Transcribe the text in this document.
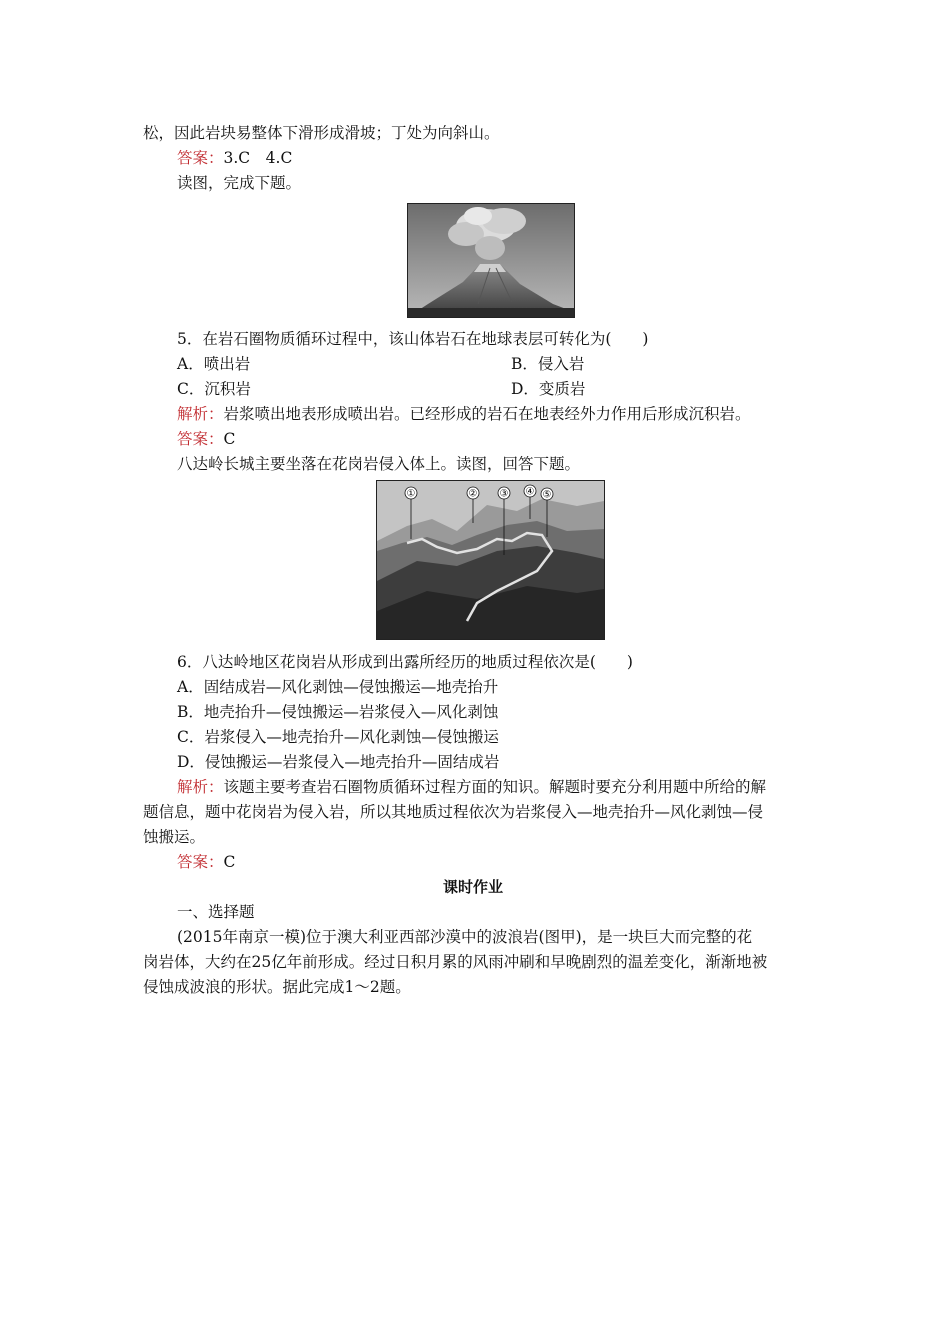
松，因此岩块易整体下滑形成滑坡；丁处为向斜山。
答案：3.C　4.C
读图，完成下题。
5．在岩石圈物质循环过程中，该山体岩石在地球表层可转化为(　　)
A．喷出岩	B．侵入岩
C．沉积岩	D．变质岩
解析：岩浆喷出地表形成喷出岩。已经形成的岩石在地表经外力作用后形成沉积岩。
答案：C
八达岭长城主要坐落在花岗岩侵入体上。读图，回答下题。
①	② ③ ④ ⑤
6．八达岭地区花岗岩从形成到出露所经历的地质过程依次是(　　)
A．固结成岩—风化剥蚀—侵蚀搬运—地壳抬升
B．地壳抬升—侵蚀搬运—岩浆侵入—风化剥蚀
C．岩浆侵入—地壳抬升—风化剥蚀—侵蚀搬运
D．侵蚀搬运—岩浆侵入—地壳抬升—固结成岩
解析：该题主要考查岩石圈物质循环过程方面的知识。解题时要充分利用题中所给的解
题信息，题中花岗岩为侵入岩，所以其地质过程依次为岩浆侵入—地壳抬升—风化剥蚀—侵
蚀搬运。
答案：C
课时作业
一、选择题
(2015年南京一模)位于澳大利亚西部沙漠中的波浪岩(图甲)，是一块巨大而完整的花
岗岩体，大约在25亿年前形成。经过日积月累的风雨冲刷和早晚剧烈的温差变化，渐渐地被
侵蚀成波浪的形状。据此完成1～2题。
